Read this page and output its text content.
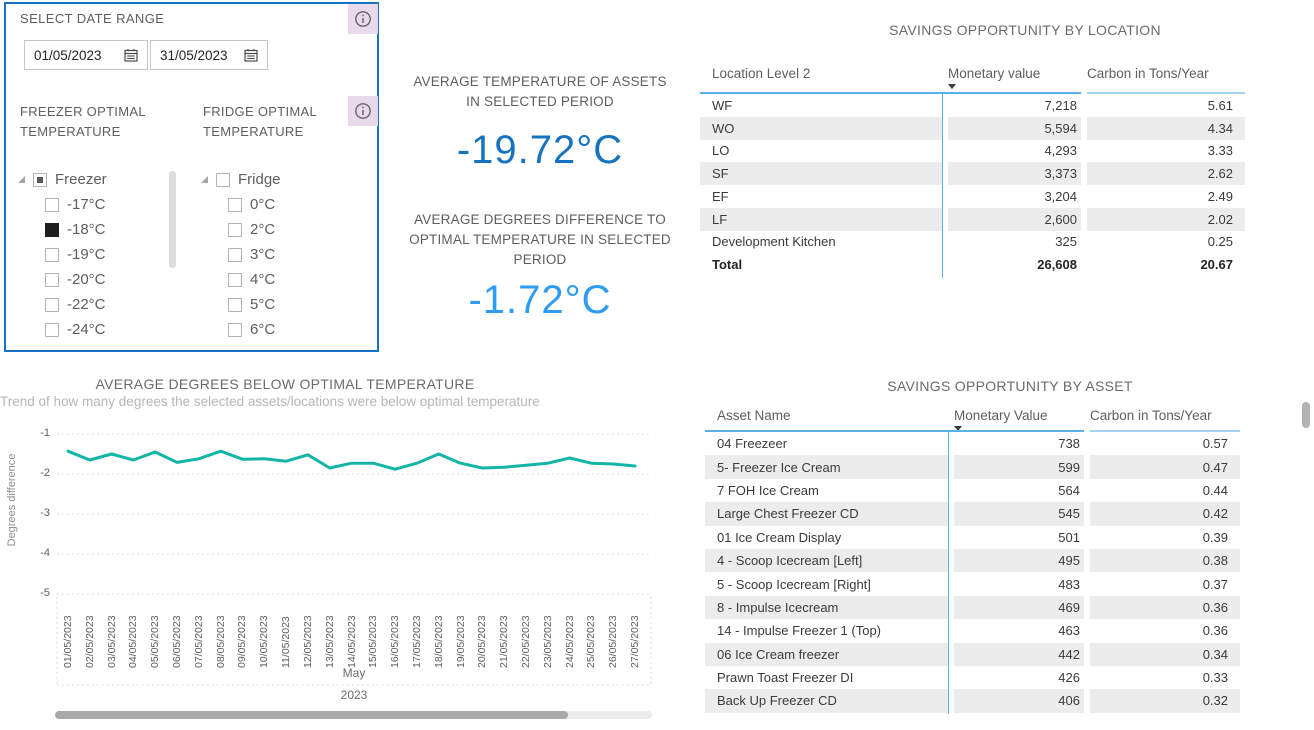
SELECT DATE RANGE
01/05/2023	31/05/2023
FREEZER OPTIMAL TEMPERATURE
FRIDGE OPTIMAL TEMPERATURE
Freezer
-17°C
-18°C
-19°C
-20°C
-22°C
-24°C
Fridge
0°C
2°C
3°C
4°C
5°C
6°C
AVERAGE TEMPERATURE OF ASSETS IN SELECTED PERIOD
-19.72°C
AVERAGE DEGREES DIFFERENCE TO OPTIMAL TEMPERATURE IN SELECTED PERIOD
-1.72°C
AVERAGE DEGREES BELOW OPTIMAL TEMPERATURE
Trend of how many degrees the selected assets/locations were below optimal temperature
Degrees difference
-1
-2
-3
-4
-5
01/05/2023 02/05/2023 03/05/2023 04/05/2023 05/05/2023 06/05/2023 07/05/2023 08/05/2023 09/05/2023 10/05/2023 11/05/2023 12/05/2023 13/05/2023 14/05/2023 15/05/2023 16/05/2023 17/05/2023 18/05/2023 19/05/2023 20/05/2023 21/05/2023 22/05/2023 23/05/2023 24/05/2023 25/05/2023 26/05/2023 27/05/2023
May
2023
SAVINGS OPPORTUNITY BY LOCATION
Location Level 2	Monetary value	Carbon in Tons/Year
WF	7,218	5.61
WO	5,594	4.34
LO	4,293	3.33
SF	3,373	2.62
EF	3,204	2.49
LF	2,600	2.02
Development Kitchen	325	0.25
Total	26,608	20.67
SAVINGS OPPORTUNITY BY ASSET
Asset Name	Monetary Value	Carbon in Tons/Year
04 Freezeer	738	0.57
5- Freezer Ice Cream	599	0.47
7 FOH Ice Cream	564	0.44
Large Chest Freezer CD	545	0.42
01 Ice Cream Display	501	0.39
4 - Scoop Icecream [Left]	495	0.38
5 - Scoop Icecream [Right]	483	0.37
8 - Impulse Icecream	469	0.36
14 - Impulse Freezer 1 (Top)	463	0.36
06 Ice Cream freezer	442	0.34
Prawn Toast Freezer DI	426	0.33
Back Up Freezer CD	406	0.32
